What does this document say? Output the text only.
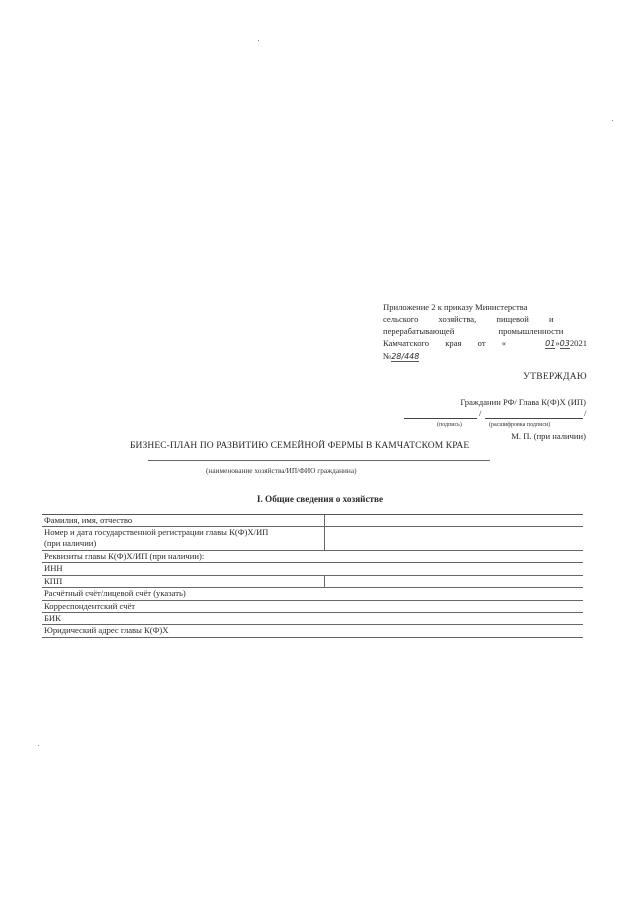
Приложение 2 к приказу Министерства
сельского хозяйства, пищевой и
перерабатывающей промышленности
Камчатского края от «	01»032021
№28/448
УТВЕРЖДАЮ
Гражданин РФ/ Глава К(Ф)Х (ИП)
/	/
(подпись)	(расшифровка подписи)
М. П. (при наличии)
БИЗНЕС-ПЛАН ПО РАЗВИТИЮ СЕМЕЙНОЙ ФЕРМЫ В КАМЧАТСКОМ КРАЕ
(наименование хозяйства/ИП/ФИО гражданина)
I. Общие сведения о хозяйстве
Фамилия, имя, отчество
Номер и дата государственной регистрации главы К(Ф)Х/ИП
(при наличии)
Реквизиты главы К(Ф)Х/ИП (при наличии):
ИНН
КПП
Расчётный счёт/лицевой счёт (указать)
Корреспондентский счёт
БИК
Юридический адрес главы К(Ф)Х
